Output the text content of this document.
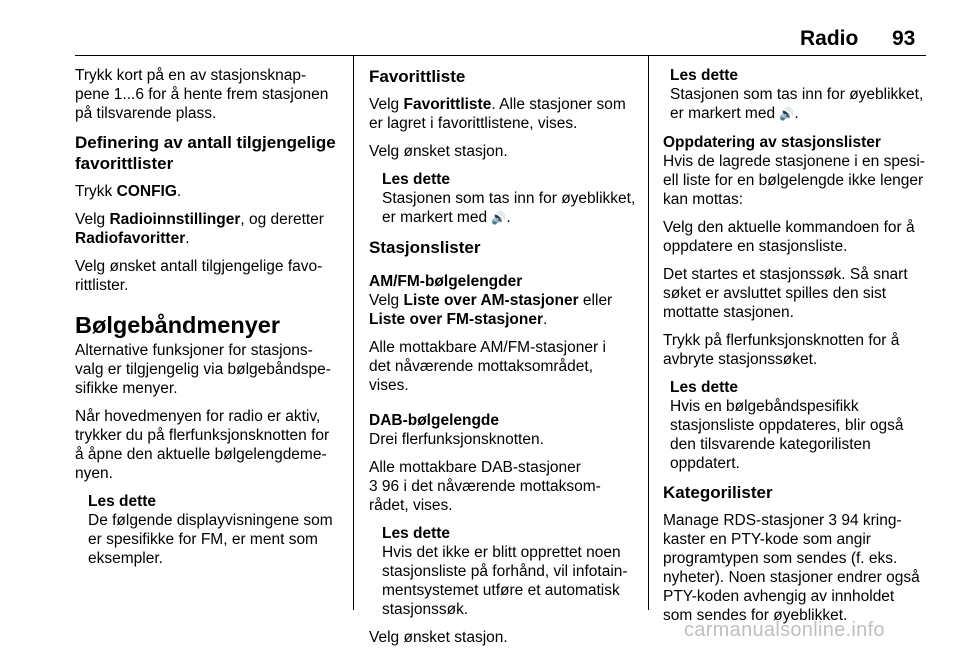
Radio 93

Trykk kort på en av stasjonsknap-
pene 1...6 for å hente frem stasjonen
på tilsvarende plass.

Definering av antall tilgjengelige
favorittlister

Trykk CONFIG.

Velg Radioinnstillinger, og deretter
Radiofavoritter.

Velg ønsket antall tilgjengelige favo-
rittlister.

Bølgebåndmenyer

Alternative funksjoner for stasjons-
valg er tilgjengelig via bølgebåndspe-
sifikke menyer.

Når hovedmenyen for radio er aktiv,
trykker du på flerfunksjonsknotten for
å åpne den aktuelle bølgelengdeme-
nyen.

Les dette
De følgende displayvisningene som
er spesifikke for FM, er ment som
eksempler.
Favorittliste

Velg Favorittliste. Alle stasjoner som
er lagret i favorittlistene, vises.

Velg ønsket stasjon.

Les dette
Stasjonen som tas inn for øyeblikket,
er markert med 🔊.
Stasjonslister
AM/FM-bølgelengder

Velg Liste over AM-stasjoner eller
Liste over FM-stasjoner.

Alle mottakbare AM/FM-stasjoner i
det nåværende mottaksområdet,
vises.

DAB-bølgelengde

Drei flerfunksjonsknotten.

Alle mottakbare DAB-stasjoner
3 96 i det nåværende mottaksom-
rådet, vises.

Les dette
Hvis det ikke er blitt opprettet noen
stasjonsliste på forhånd, vil infotain-
mentsystemet utføre et automatisk
stasjonssøk.

Velg ønsket stasjon.

Les dette
Stasjonen som tas inn for øyeblikket,
er markert med 🔊.
Oppdatering av stasjonslister

Hvis de lagrede stasjonene i en spesi-
ell liste for en bølgelengde ikke lenger
kan mottas:

Velg den aktuelle kommandoen for å
oppdatere en stasjonsliste.

Det startes et stasjonssøk. Så snart
søket er avsluttet spilles den sist
mottatte stasjonen.

Trykk på flerfunksjonsknotten for å
avbryte stasjonssøket.

Les dette
Hvis en bølgebåndspesifikk
stasjonsliste oppdateres, blir også
den tilsvarende kategorilisten
oppdatert.
Kategorilister

Manage RDS-stasjoner 3 94 kring-
kaster en PTY-kode som angir
programtypen som sendes (f. eks.
nyheter). Noen stasjoner endrer også
PTY-koden avhengig av innholdet
som sendes for øyeblikket.

carmanualsonline.info
